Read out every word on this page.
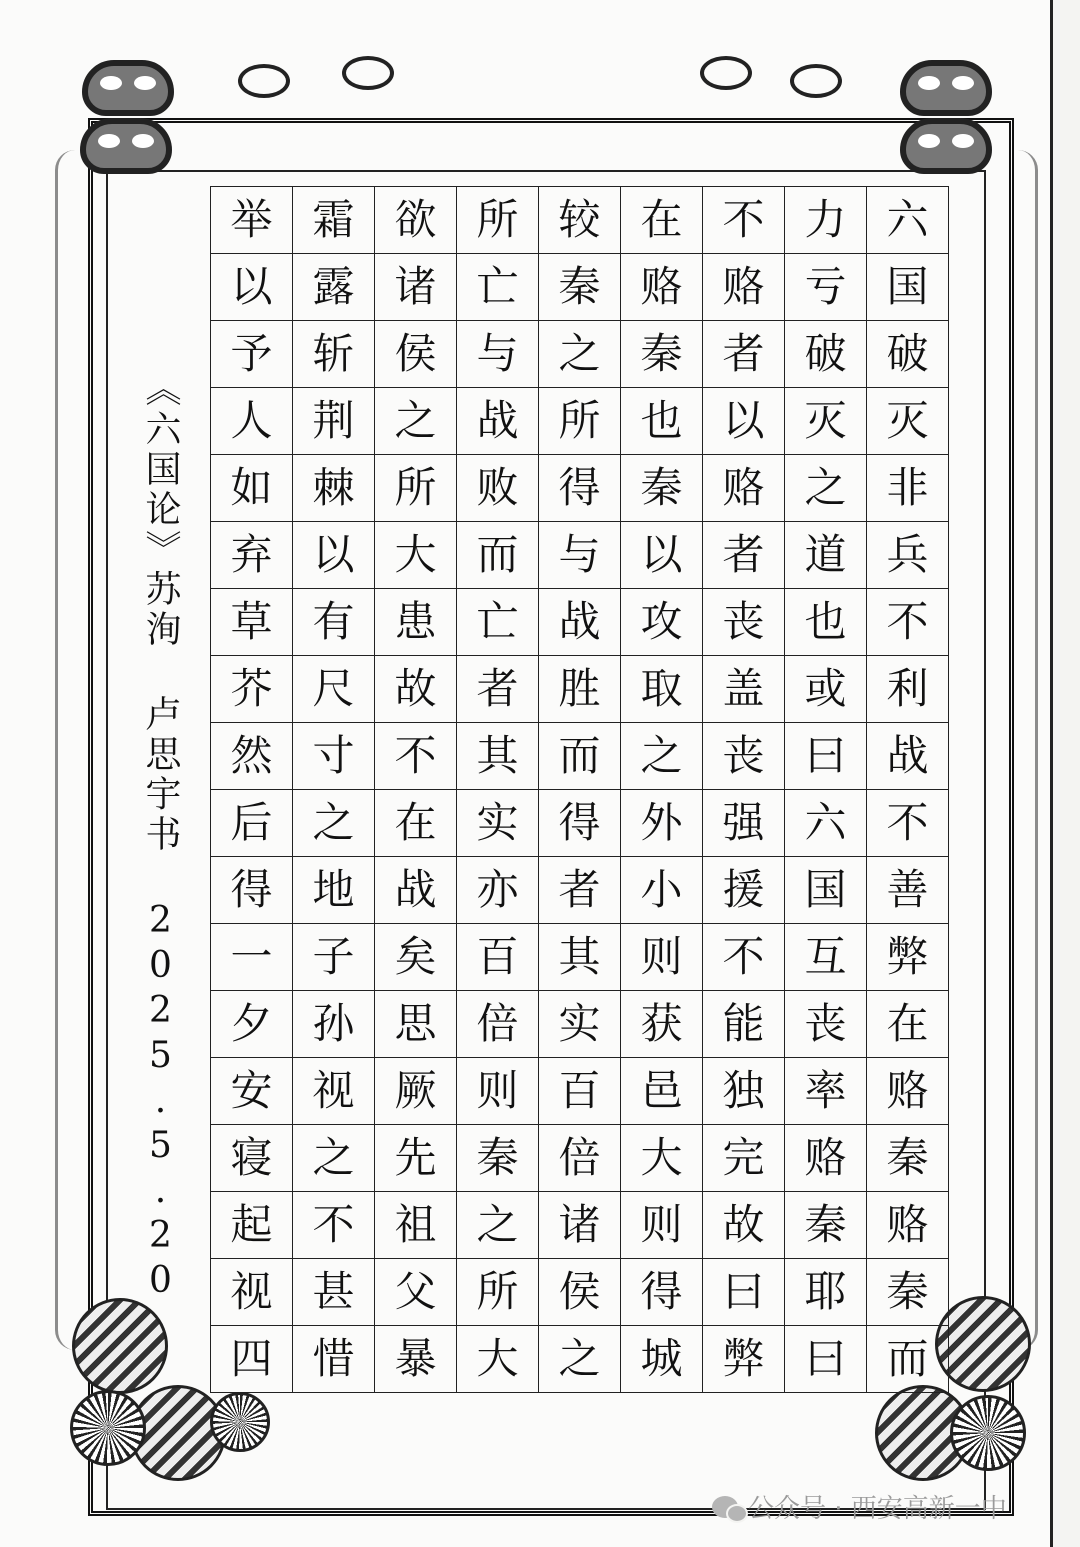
举 霜 欲 所 较 在 不 力 六
以 露 诸 亡 秦 赂 赂 亏 国
予 斩 侯 与 之 秦 者 破 破
人 荆 之 战 所 也 以 灭 灭
如 棘 所 败 得 秦 赂 之 非
弃 以 大 而 与 以 者 道 兵
草 有 患 亡 战 攻 丧 也 不
芥 尺 故 者 胜 取 盖 或 利
然 寸 不 其 而 之 丧 曰 战
后 之 在 实 得 外 强 六 不
得 地 战 亦 者 小 援 国 善
一 子 矣 百 其 则 不 互 弊
夕 孙 思 倍 实 获 能 丧 在
安 视 厥 则 百 邑 独 率 赂
寝 之 先 秦 倍 大 完 赂 秦
起 不 祖 之 诸 则 故 秦 赂
视 甚 父 所 侯 得 曰 耶 秦
四 惜 暴 大 之 城 弊 曰 而
《六国论》苏洵 卢思宇书 2025.5.20
公众号 · 西安高新一中
